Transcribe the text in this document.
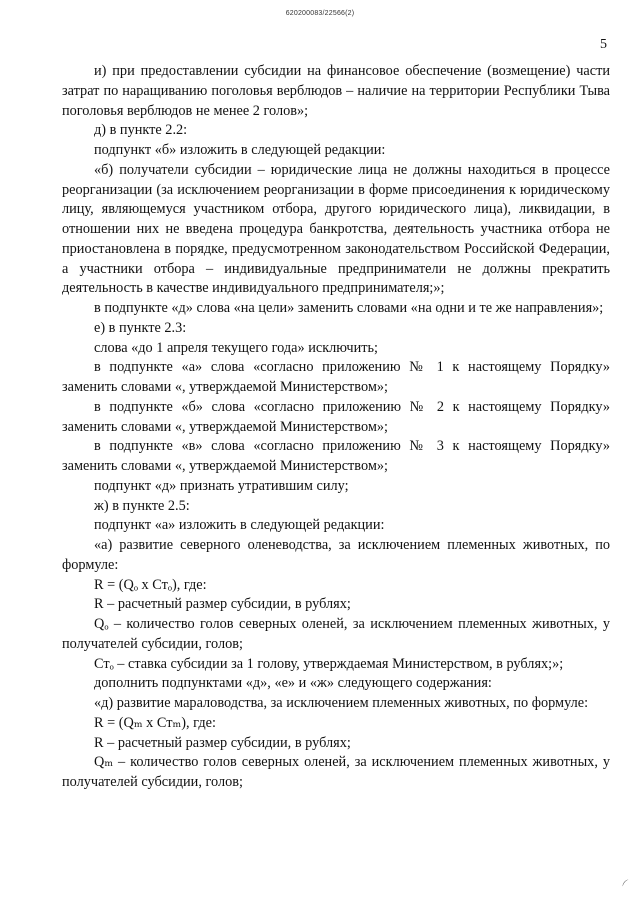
620200083/22566(2)
5

и) при предоставлении субсидии на финансовое обеспечение (возмещение) части затрат по наращиванию поголовья верблюдов – наличие на территории Республики Тыва поголовья верблюдов не менее 2 голов»;

д) в пункте 2.2:

подпункт «б» изложить в следующей редакции:

«б) получатели субсидии – юридические лица не должны находиться в процессе реорганизации (за исключением реорганизации в форме присоединения к юридическому лицу, являющемуся участником отбора, другого юридического лица), ликвидации, в отношении них не введена процедура банкротства, деятельность участника отбора не приостановлена в порядке, предусмотренном законодательством Российской Федерации, а участники отбора – индивидуальные предприниматели не должны прекратить деятельность в качестве индивидуального предпринимателя;»;

в подпункте «д» слова «на цели» заменить словами «на одни и те же направления»;

е) в пункте 2.3:

слова «до 1 апреля текущего года» исключить;

в подпункте «а» слова «согласно приложению № 1 к настоящему Порядку» заменить словами «, утверждаемой Министерством»;

в подпункте «б» слова «согласно приложению № 2 к настоящему Порядку» заменить словами «, утверждаемой Министерством»;

в подпункте «в» слова «согласно приложению № 3 к настоящему Порядку» заменить словами «, утверждаемой Министерством»;

подпункт «д» признать утратившим силу;

ж) в пункте 2.5:

подпункт «а» изложить в следующей редакции:

«а) развитие северного оленеводства, за исключением племенных животных, по формуле:

R = (Qₒ х Стₒ), где:

R – расчетный размер субсидии, в рублях;

Qₒ – количество голов северных оленей, за исключением племенных животных, у получателей субсидии, голов;

Стₒ – ставка субсидии за 1 голову, утверждаемая Министерством, в рублях;»;

дополнить подпунктами «д», «е» и «ж» следующего содержания:

«д) развитие мараловодства, за исключением племенных животных, по формуле:

R = (Qₘ х Стₘ), где:

R – расчетный размер субсидии, в рублях;

Qₘ – количество голов северных оленей, за исключением племенных животных, у получателей субсидии, голов;

⌒
